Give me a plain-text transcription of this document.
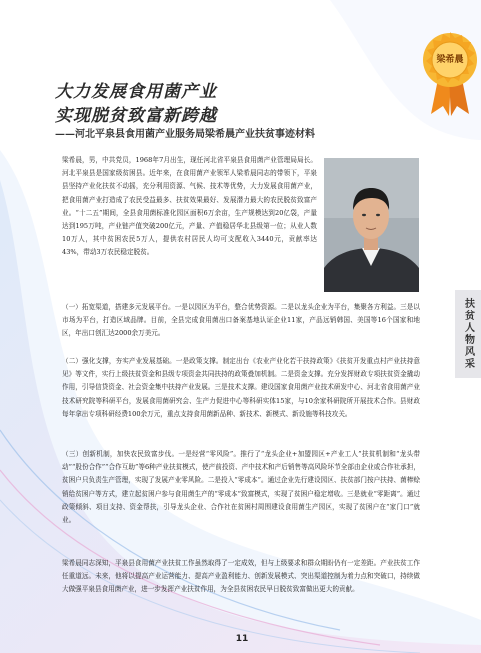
梁希晨
大力发展食用菌产业
实现脱贫致富新跨越
——河北平泉县食用菌产业服务局梁希晨产业扶贫事迹材料
梁希晨，男，中共党员，1968年7月出生，现任河北省平泉县食用菌产业管理局局长。河北平泉县是国家级贫困县。近年来，在食用菌产业领军人梁希晨同志的带领下，平泉县坚持产业化扶贫不动摇，充分利用资源、气候、技术等优势，大力发展食用菌产业，把食用菌产业打造成了农民受益最多、扶贫效果最好、发展潜力最大的农民脱贫致富产业。“十二五”期间，全县食用菌标准化园区面积6万余亩，生产规模达到20亿袋，产量达到195万吨，产业链产值突破200亿元，产量、产值稳居华北县级第一位；从业人数10万人，其中贫困农民5万人，提供农村居民人均可支配收入3440元，贡献率达43%，带动3万农民稳定脱贫。
（一）拓宽渠道，搭建多元发展平台。一是以园区为平台，整合优势资源。二是以龙头企业为平台，集聚各方利益。三是以市场为平台，打造区域品牌。目前，全县完成食用菌出口备案基地认证企业11家，产品远销韩国、美国等16个国家和地区，年出口创汇达2000余万美元。
（二）强化支撑，夯实产业发展基础。一是政策支撑。制定出台《农业产业化若干扶持政策》《扶贫开发重点村产业扶持意见》等文件，实行上级扶贫资金和县级专项资金共同扶持的政策叠加机制。二是资金支撑。充分发挥财政专项扶贫资金撬动作用，引导信贷资金、社会资金集中扶持产业发展。三是技术支撑。建设国家食用菌产业技术研发中心、河北省食用菌产业技术研究院等科研平台，发展食用菌研究会、生产力促进中心等科研实体15家，与10余家科研院所开展技术合作。县财政每年拿出专项科研经费100余万元，重点支持食用菌新品种、新技术、新模式、新设施等科技攻关。
（三）创新机制，加快农民致富步伐。一是经营“零风险”。推行了“龙头企业+加盟园区+产业工人”扶贫机制和“龙头带动”“股份合作”“合作互助”等6种产业扶贫模式，使产前投资、产中技术和产后销售等高风险环节全部由企业或合作社承担，贫困户只负责生产管理，实现了发展产业零风险。二是投入“零成本”。通过企业先行建设园区、扶贫部门按户扶持、菌棒赊销给贫困户等方式，建立起贫困户参与食用菌生产的“零成本”致富模式，实现了贫困户稳定增收。三是就业“零距离”。通过政策倾斜、项目支持、资金帮扶，引导龙头企业、合作社在贫困村周围建设食用菌生产园区，实现了贫困户在“家门口”就业。
梁希晨同志深知，平泉县食用菌产业扶贫工作虽然取得了一定成效，但与上级要求和群众期盼仍有一定差距。产业扶贫工作任重道远。未来，他将以提高产业运营能力、提高产业盈利能力、创新发展模式、突出渠道控制为着力点和突破口，持续做大做强平泉县食用菌产业，进一步发挥产业扶贫作用，为全县贫困农民早日脱贫致富做出更大的贡献。
扶贫人物风采
11
